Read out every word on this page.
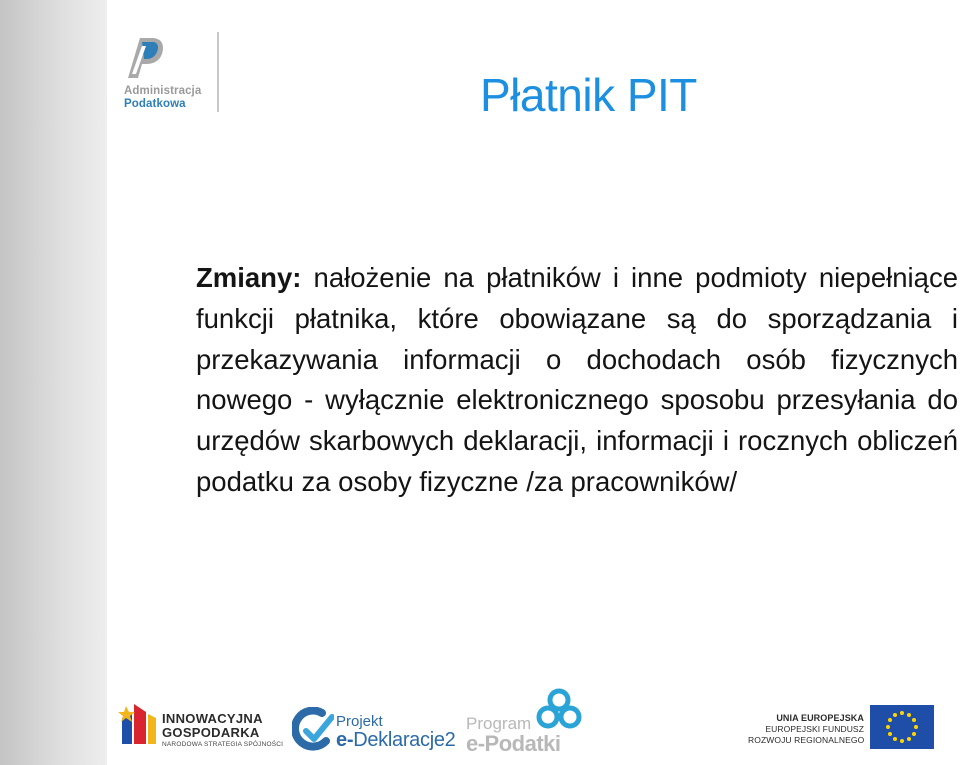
Administracja
Podatkowa	Płatnik PIT
Zmiany: nałożenie na płatników i inne podmioty niepełniące funkcji płatnika, które obowiązane są do sporządzania i przekazywania informacji o dochodach osób fizycznych nowego - wyłącznie elektronicznego sposobu przesyłania do urzędów skarbowych deklaracji, informacji i rocznych obliczeń podatku za osoby fizyczne /za pracowników/
INNOWACYJNA
GOSPODARKA
NARODOWA STRATEGIA SPÓJNOŚCI
Projekt
e-Deklaracje2
Program
e-Podatki
UNIA EUROPEJSKA
EUROPEJSKI FUNDUSZ
ROZWOJU REGIONALNEGO
